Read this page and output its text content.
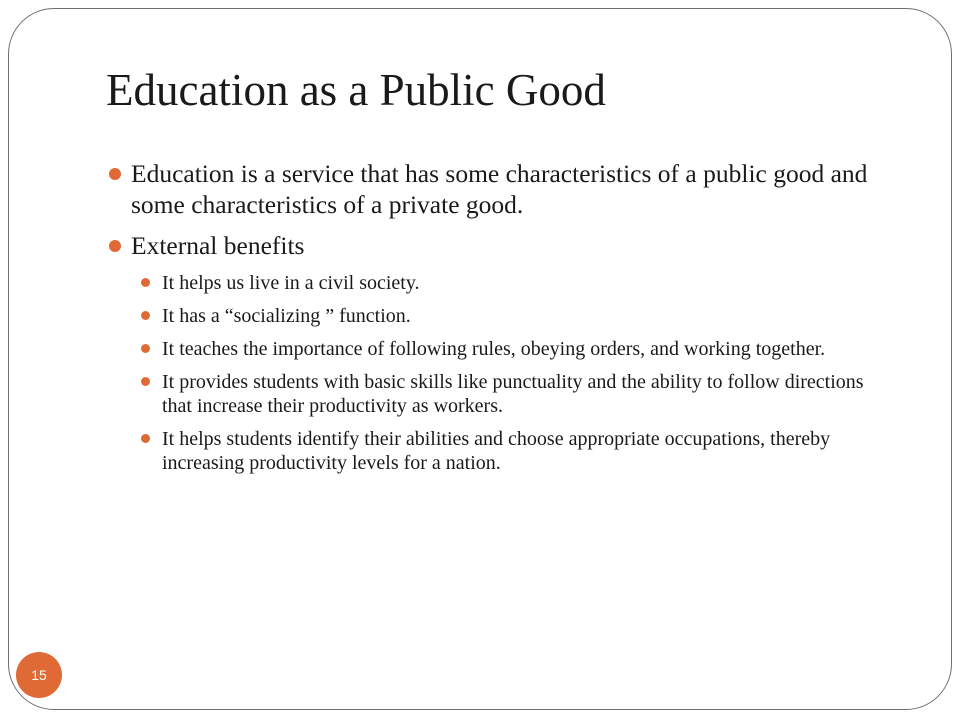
Education as a Public Good
Education is a service that has some characteristics of a public good and some characteristics of a private good.
External benefits
It helps us live in a civil society.
It has a “socializing ” function.
It teaches the importance of following rules, obeying orders, and working together.
It provides students with basic skills like punctuality and the ability to follow directions that increase their productivity as workers.
It helps students identify their abilities and choose appropriate occupations, thereby increasing productivity levels for a nation.
15
